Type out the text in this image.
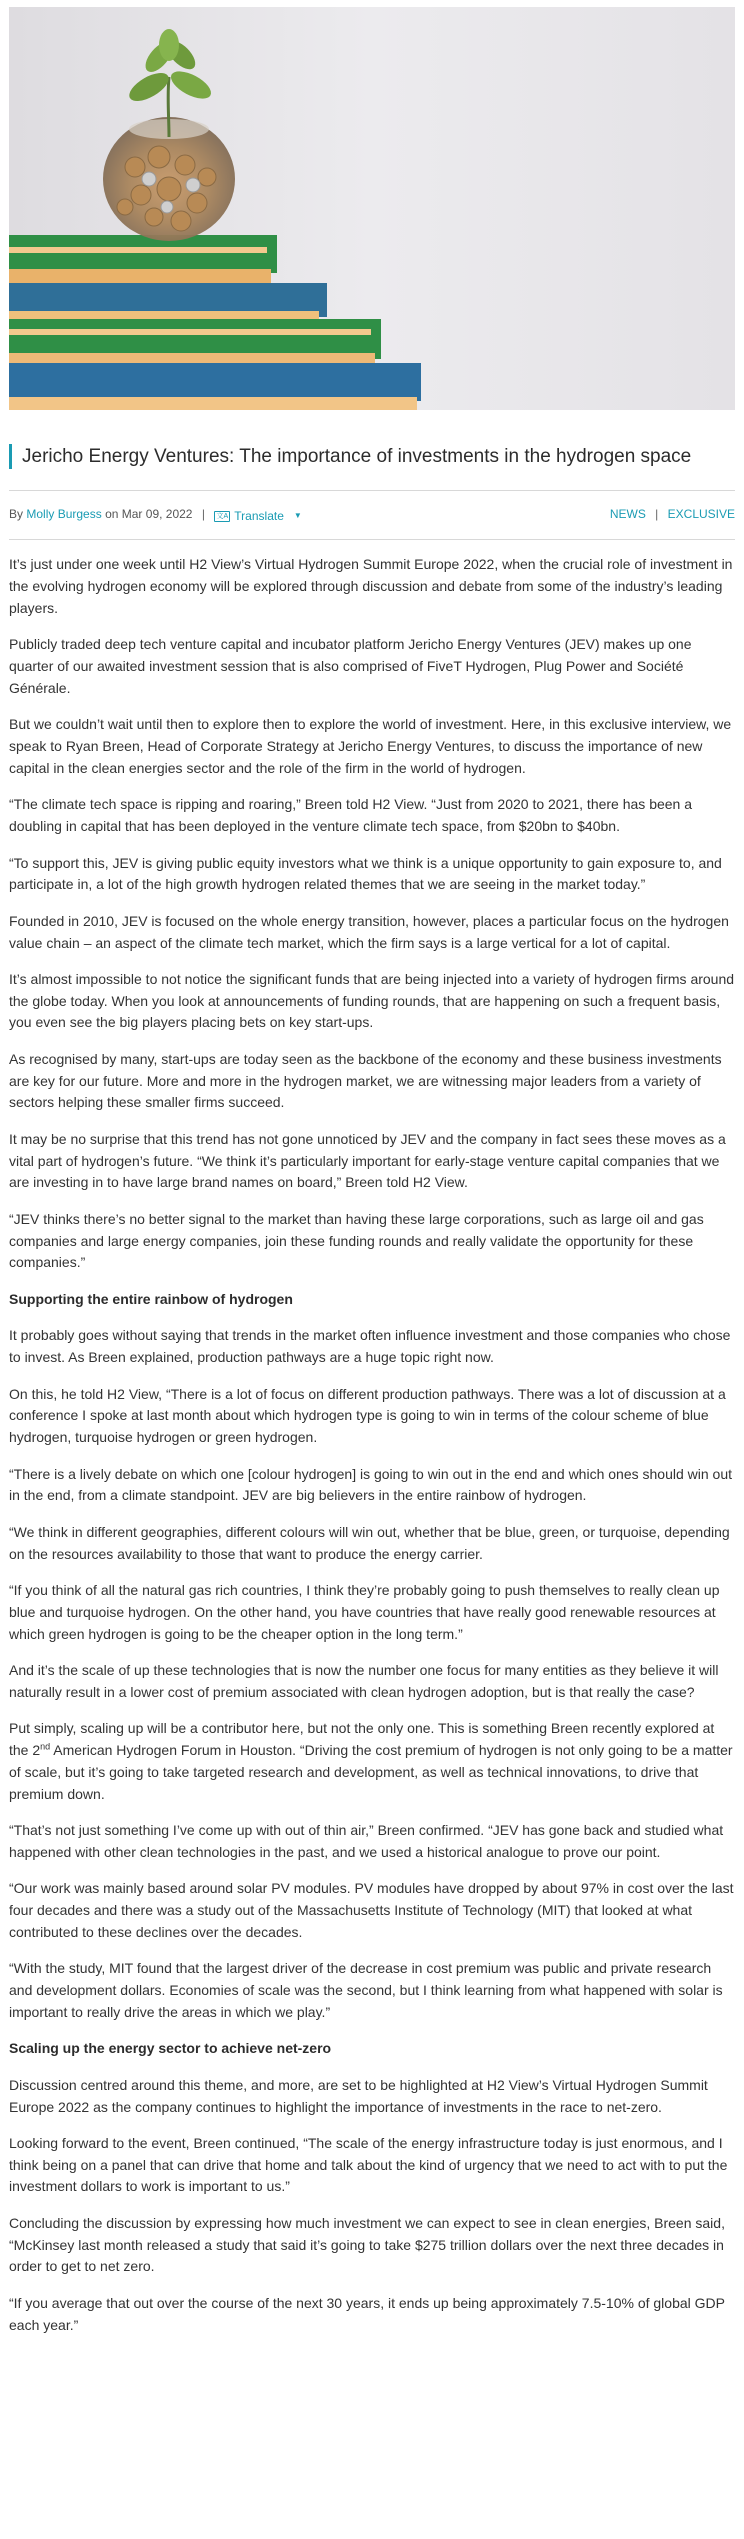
Jericho Energy Ventures: The importance of investments in the hydrogen space
By Molly Burgess on Mar 09, 2022 |	文A Translate ▼	NEWS | EXCLUSIVE

It’s just under one week until H2 View’s Virtual Hydrogen Summit Europe 2022, when the crucial role of investment in the evolving hydrogen economy will be explored through discussion and debate from some of the industry’s leading players.

Publicly traded deep tech venture capital and incubator platform Jericho Energy Ventures (JEV) makes up one quarter of our awaited investment session that is also comprised of FiveT Hydrogen, Plug Power and Société Générale.

But we couldn’t wait until then to explore then to explore the world of investment. Here, in this exclusive interview, we speak to Ryan Breen, Head of Corporate Strategy at Jericho Energy Ventures, to discuss the importance of new capital in the clean energies sector and the role of the firm in the world of hydrogen.

“The climate tech space is ripping and roaring,” Breen told H2 View. “Just from 2020 to 2021, there has been a doubling in capital that has been deployed in the venture climate tech space, from $20bn to $40bn.

“To support this, JEV is giving public equity investors what we think is a unique opportunity to gain exposure to, and participate in, a lot of the high growth hydrogen related themes that we are seeing in the market today.”

Founded in 2010, JEV is focused on the whole energy transition, however, places a particular focus on the hydrogen value chain – an aspect of the climate tech market, which the firm says is a large vertical for a lot of capital.

It’s almost impossible to not notice the significant funds that are being injected into a variety of hydrogen firms around the globe today. When you look at announcements of funding rounds, that are happening on such a frequent basis, you even see the big players placing bets on key start-ups.

As recognised by many, start-ups are today seen as the backbone of the economy and these business investments are key for our future. More and more in the hydrogen market, we are witnessing major leaders from a variety of sectors helping these smaller firms succeed.

It may be no surprise that this trend has not gone unnoticed by JEV and the company in fact sees these moves as a vital part of hydrogen’s future. “We think it’s particularly important for early-stage venture capital companies that we are investing in to have large brand names on board,” Breen told H2 View.

“JEV thinks there’s no better signal to the market than having these large corporations, such as large oil and gas companies and large energy companies, join these funding rounds and really validate the opportunity for these companies.”

Supporting the entire rainbow of hydrogen

It probably goes without saying that trends in the market often influence investment and those companies who chose to invest. As Breen explained, production pathways are a huge topic right now.

On this, he told H2 View, “There is a lot of focus on different production pathways. There was a lot of discussion at a conference I spoke at last month about which hydrogen type is going to win in terms of the colour scheme of blue hydrogen, turquoise hydrogen or green hydrogen.

“There is a lively debate on which one [colour hydrogen] is going to win out in the end and which ones should win out in the end, from a climate standpoint. JEV are big believers in the entire rainbow of hydrogen.

“We think in different geographies, different colours will win out, whether that be blue, green, or turquoise, depending on the resources availability to those that want to produce the energy carrier.

“If you think of all the natural gas rich countries, I think they’re probably going to push themselves to really clean up blue and turquoise hydrogen. On the other hand, you have countries that have really good renewable resources at which green hydrogen is going to be the cheaper option in the long term.”

And it’s the scale of up these technologies that is now the number one focus for many entities as they believe it will naturally result in a lower cost of premium associated with clean hydrogen adoption, but is that really the case?

Put simply, scaling up will be a contributor here, but not the only one. This is something Breen recently explored at the 2nd American Hydrogen Forum in Houston. “Driving the cost premium of hydrogen is not only going to be a matter of scale, but it’s going to take targeted research and development, as well as technical innovations, to drive that premium down.

“That’s not just something I’ve come up with out of thin air,” Breen confirmed. “JEV has gone back and studied what happened with other clean technologies in the past, and we used a historical analogue to prove our point.

“Our work was mainly based around solar PV modules. PV modules have dropped by about 97% in cost over the last four decades and there was a study out of the Massachusetts Institute of Technology (MIT) that looked at what contributed to these declines over the decades.

“With the study, MIT found that the largest driver of the decrease in cost premium was public and private research and development dollars. Economies of scale was the second, but I think learning from what happened with solar is important to really drive the areas in which we play.”

Scaling up the energy sector to achieve net-zero

Discussion centred around this theme, and more, are set to be highlighted at H2 View’s Virtual Hydrogen Summit Europe 2022 as the company continues to highlight the importance of investments in the race to net-zero.

Looking forward to the event, Breen continued, “The scale of the energy infrastructure today is just enormous, and I think being on a panel that can drive that home and talk about the kind of urgency that we need to act with to put the investment dollars to work is important to us.”

Concluding the discussion by expressing how much investment we can expect to see in clean energies, Breen said, “McKinsey last month released a study that said it’s going to take $275 trillion dollars over the next three decades in order to get to net zero.

“If you average that out over the course of the next 30 years, it ends up being approximately 7.5-10% of global GDP each year.”
